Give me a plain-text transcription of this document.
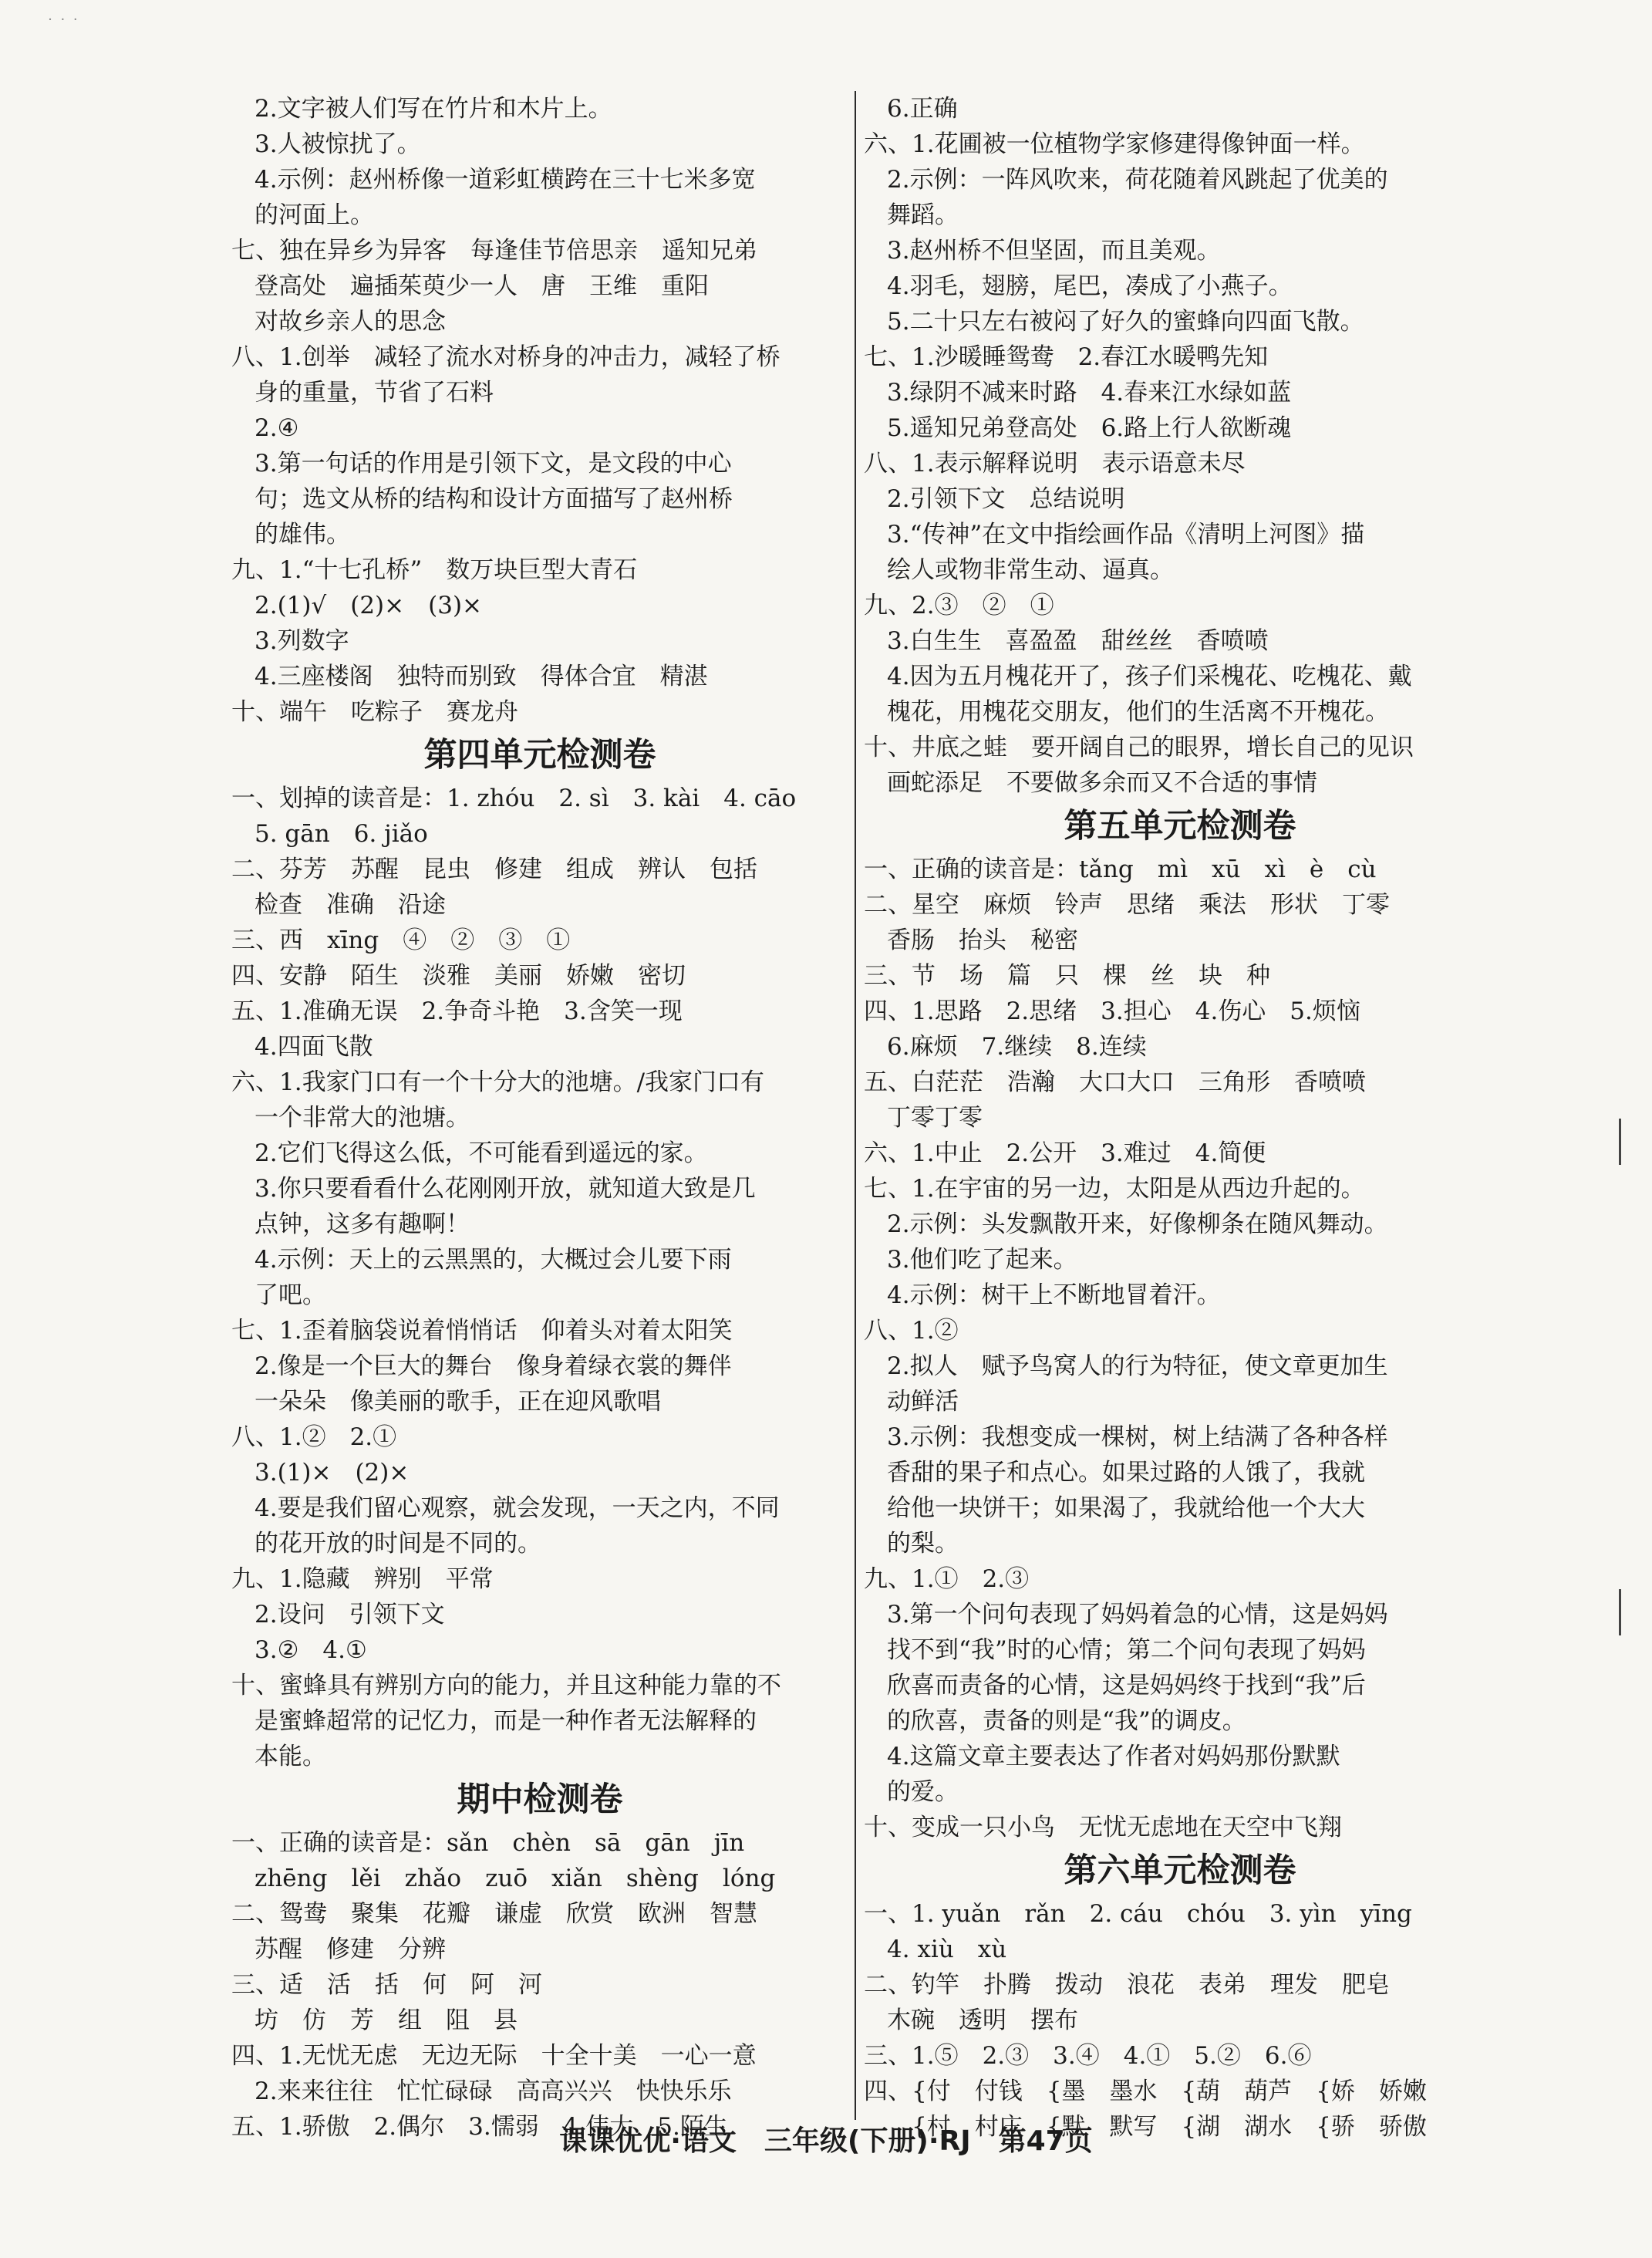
˙ ˙ ˙
2.文字被人们写在竹片和木片上。
3.人被惊扰了。
4.示例：赵州桥像一道彩虹横跨在三十七米多宽
的河面上。
七、独在异乡为异客　每逢佳节倍思亲　遥知兄弟
登高处　遍插茱萸少一人　唐　王维　重阳
对故乡亲人的思念
八、1.创举　减轻了流水对桥身的冲击力，减轻了桥
身的重量，节省了石料
2.④
3.第一句话的作用是引领下文，是文段的中心
句；选文从桥的结构和设计方面描写了赵州桥
的雄伟。
九、1.“十七孔桥”　数万块巨型大青石
2.(1)√　(2)×　(3)×
3.列数字
4.三座楼阁　独特而别致　得体合宜　精湛
十、端午　吃粽子　赛龙舟
第四单元检测卷
一、划掉的读音是：1. zhóu　2. sì　3. kài　4. cāo
5. gān　6. jiǎo
二、芬芳　苏醒　昆虫　修建　组成　辨认　包括
检查　准确　沿途
三、西　xīng　④　②　③　①
四、安静　陌生　淡雅　美丽　娇嫩　密切
五、1.准确无误　2.争奇斗艳　3.含笑一现
4.四面飞散
六、1.我家门口有一个十分大的池塘。/我家门口有
一个非常大的池塘。
2.它们飞得这么低，不可能看到遥远的家。
3.你只要看看什么花刚刚开放，就知道大致是几
点钟，这多有趣啊！
4.示例：天上的云黑黑的，大概过会儿要下雨
了吧。
七、1.歪着脑袋说着悄悄话　仰着头对着太阳笑
2.像是一个巨大的舞台　像身着绿衣裳的舞伴
一朵朵　像美丽的歌手，正在迎风歌唱
八、1.②　2.①
3.(1)×　(2)×
4.要是我们留心观察，就会发现，一天之内，不同
的花开放的时间是不同的。
九、1.隐藏　辨别　平常
2.设问　引领下文
3.②　4.①
十、蜜蜂具有辨别方向的能力，并且这种能力靠的不
是蜜蜂超常的记忆力，而是一种作者无法解释的
本能。
期中检测卷
一、正确的读音是：sǎn　chèn　sā　gān　jīn
zhēng　lěi　zhǎo　zuō　xiǎn　shèng　lóng
二、鸳鸯　聚集　花瓣　谦虚　欣赏　欧洲　智慧
苏醒　修建　分辨
三、适　活　括　何　阿　河
坊　仿　芳　组　阻　县
四、1.无忧无虑　无边无际　十全十美　一心一意
2.来来往往　忙忙碌碌　高高兴兴　快快乐乐
五、1.骄傲　2.偶尔　3.懦弱　4.伟大　5.陌生
6.正确
六、1.花圃被一位植物学家修建得像钟面一样。
2.示例：一阵风吹来，荷花随着风跳起了优美的
舞蹈。
3.赵州桥不但坚固，而且美观。
4.羽毛，翅膀，尾巴，凑成了小燕子。
5.二十只左右被闷了好久的蜜蜂向四面飞散。
七、1.沙暖睡鸳鸯　2.春江水暖鸭先知
3.绿阴不减来时路　4.春来江水绿如蓝
5.遥知兄弟登高处　6.路上行人欲断魂
八、1.表示解释说明　表示语意未尽
2.引领下文　总结说明
3.“传神”在文中指绘画作品《清明上河图》描
绘人或物非常生动、逼真。
九、2.③　②　①
3.白生生　喜盈盈　甜丝丝　香喷喷
4.因为五月槐花开了，孩子们采槐花、吃槐花、戴
槐花，用槐花交朋友，他们的生活离不开槐花。
十、井底之蛙　要开阔自己的眼界，增长自己的见识
画蛇添足　不要做多余而又不合适的事情
第五单元检测卷
一、正确的读音是：tǎng　mì　xū　xì　è　cù
二、星空　麻烦　铃声　思绪　乘法　形状　丁零
香肠　抬头　秘密
三、节　场　篇　只　棵　丝　块　种
四、1.思路　2.思绪　3.担心　4.伤心　5.烦恼
6.麻烦　7.继续　8.连续
五、白茫茫　浩瀚　大口大口　三角形　香喷喷
丁零丁零
六、1.中止　2.公开　3.难过　4.简便
七、1.在宇宙的另一边，太阳是从西边升起的。
2.示例：头发飘散开来，好像柳条在随风舞动。
3.他们吃了起来。
4.示例：树干上不断地冒着汗。
八、1.②
2.拟人　赋予鸟窝人的行为特征，使文章更加生
动鲜活
3.示例：我想变成一棵树，树上结满了各种各样
香甜的果子和点心。如果过路的人饿了，我就
给他一块饼干；如果渴了，我就给他一个大大
的梨。
九、1.①　2.③
3.第一个问句表现了妈妈着急的心情，这是妈妈
找不到“我”时的心情；第二个问句表现了妈妈
欣喜而责备的心情，这是妈妈终于找到“我”后
的欣喜，责备的则是“我”的调皮。
4.这篇文章主要表达了作者对妈妈那份默默
的爱。
十、变成一只小鸟　无忧无虑地在天空中飞翔
第六单元检测卷
一、1. yuǎn　rǎn　2. cáu　chóu　3. yìn　yīng
4. xiù　xù
二、钓竿　扑腾　拨动　浪花　表弟　理发　肥皂
木碗　透明　摆布
三、1.⑤　2.③　3.④　4.①　5.②　6.⑥
四、{付　付钱　{墨　墨水　{葫　葫芦　{娇　娇嫩
　　{村　村庄　{默　默写　{湖　湖水　{骄　骄傲
课课优优·语文　三年级(下册)·RJ　第47页
